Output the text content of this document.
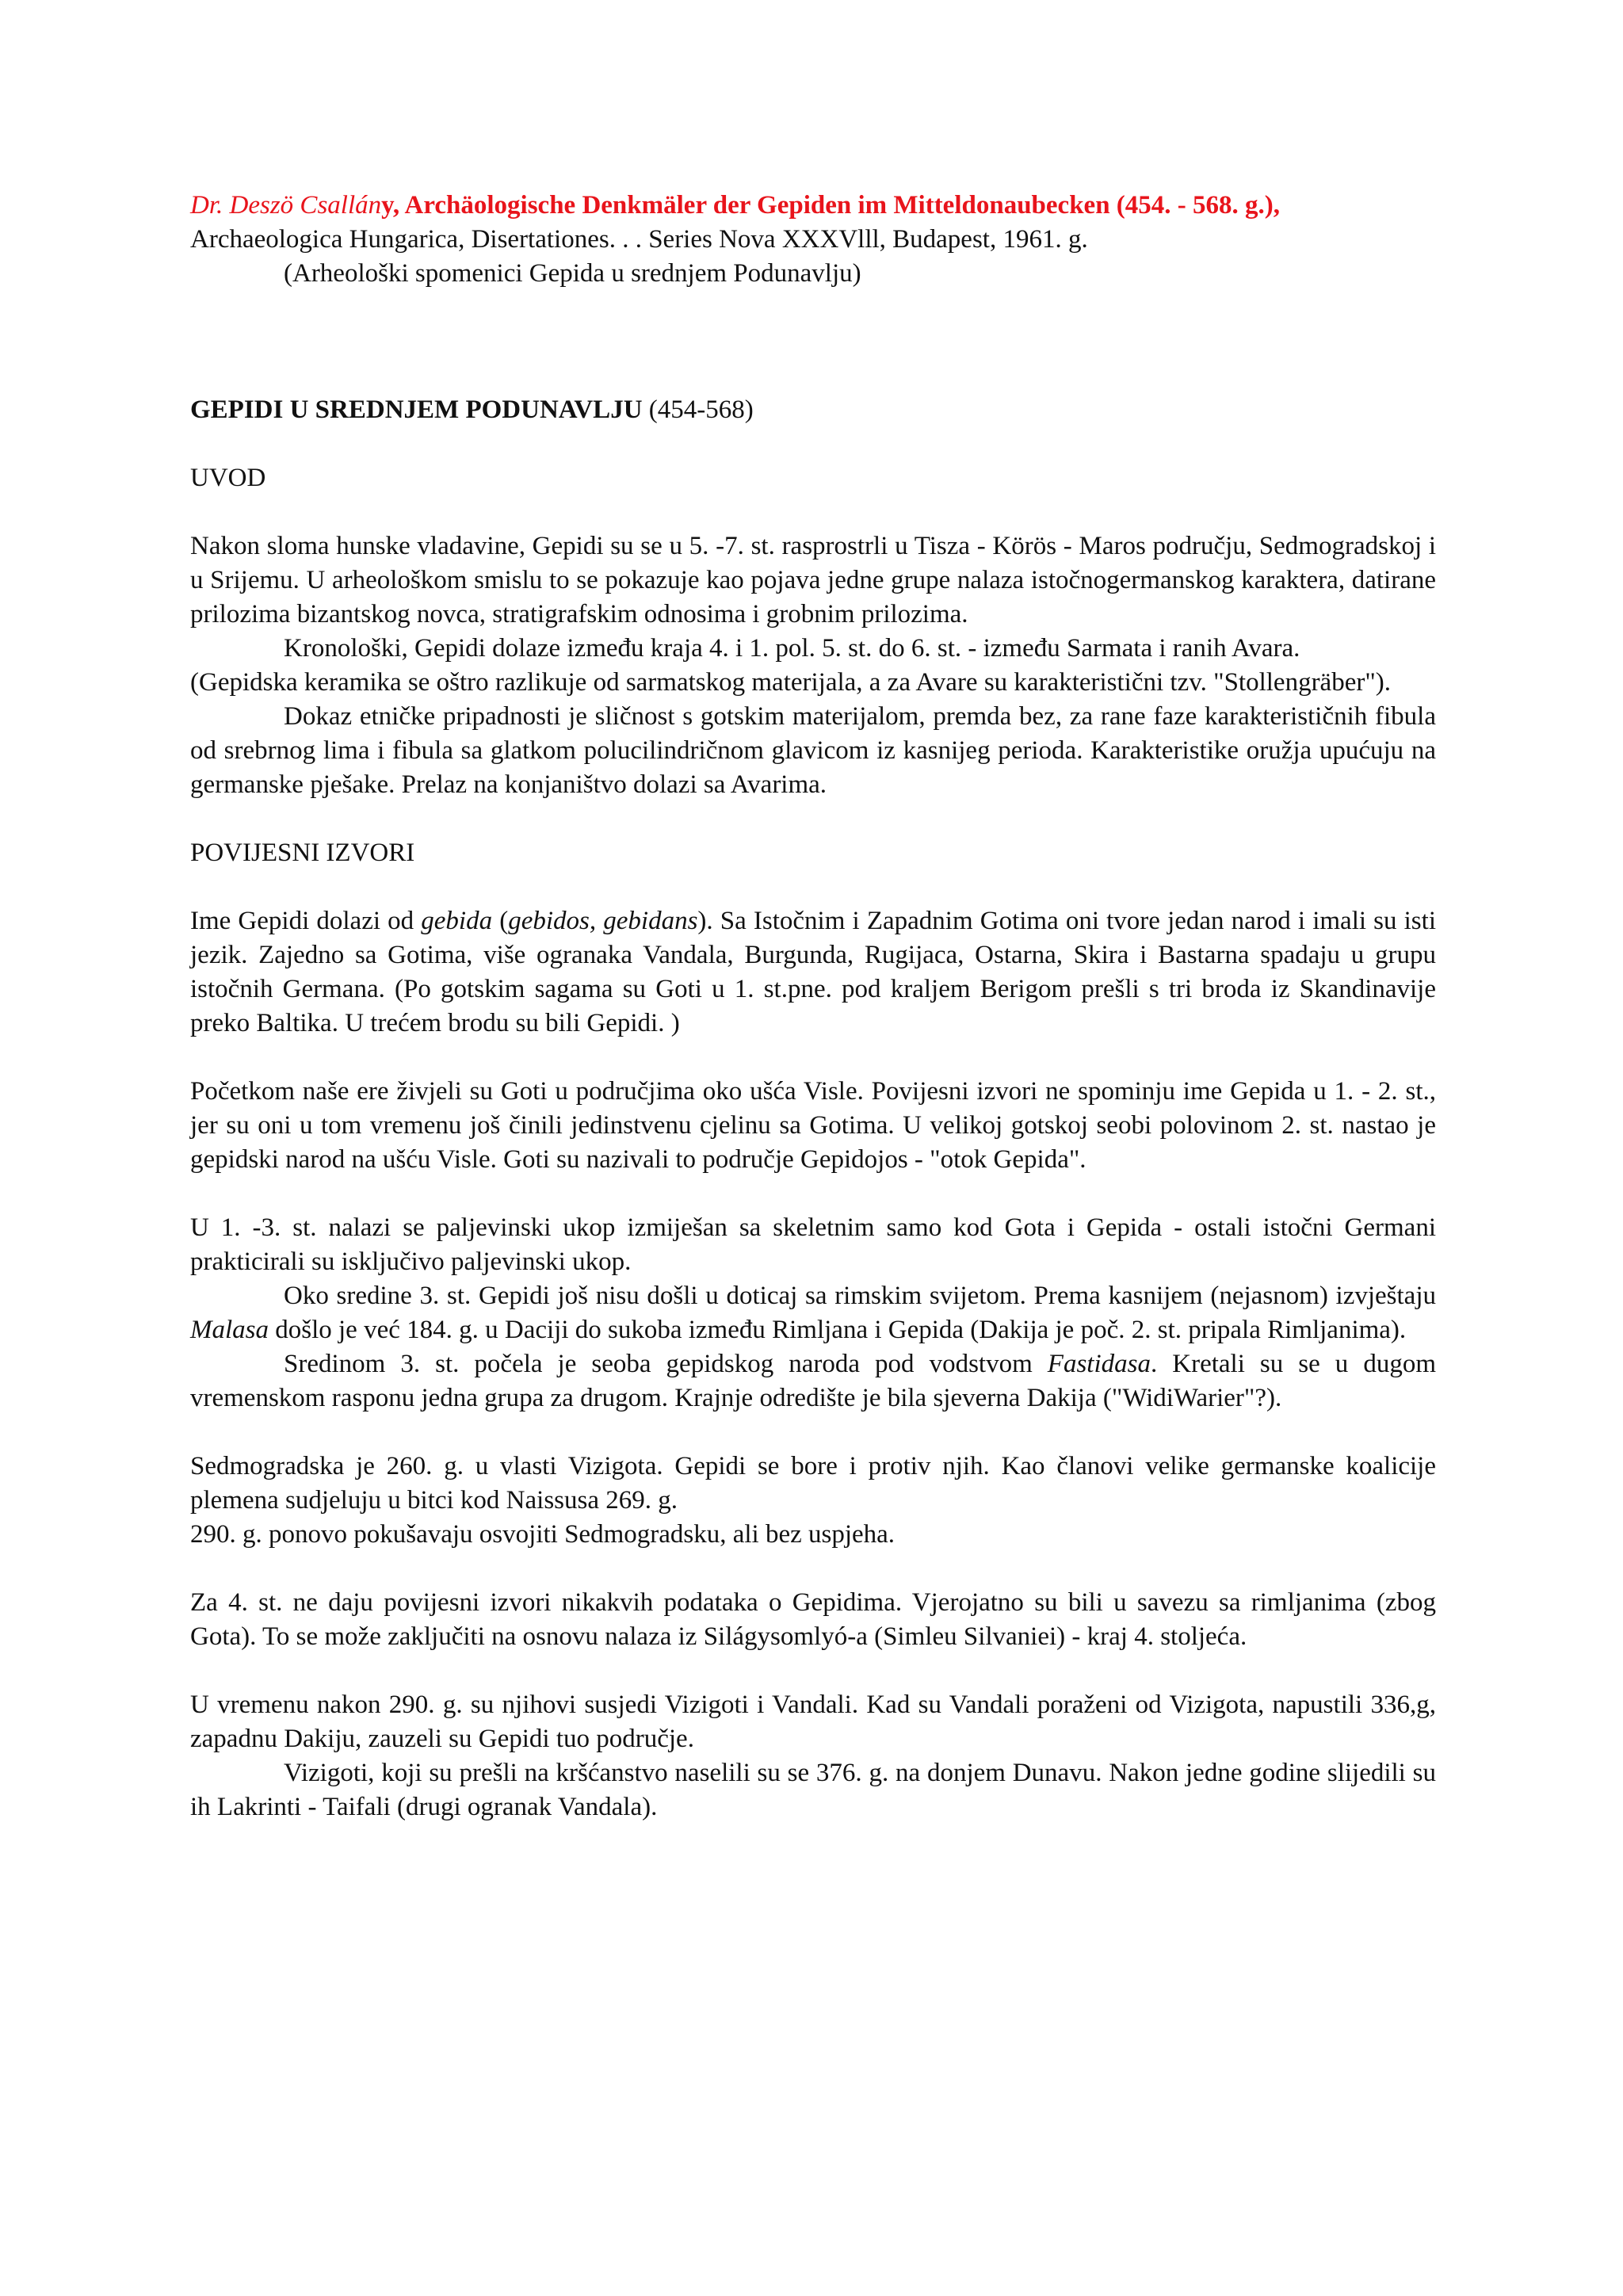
Dr. Deszö Csallány, Archäologische Denkmäler der Gepiden im Mitteldonaubecken (454. - 568. g.),
Archaeologica Hungarica, Disertationes. . . Series Nova XXXVlll, Budapest, 1961. g.
(Arheološki spomenici Gepida u srednjem Podunavlju)

GEPIDI U SREDNJEM PODUNAVLJU (454-568)

UVOD

Nakon sloma hunske vladavine, Gepidi su se u 5. -7. st. rasprostrli u Tisza - Körös - Maros području, Sedmogradskoj i u Srijemu. U arheološkom smislu to se pokazuje kao pojava jedne grupe nalaza istočnogermanskog karaktera, datirane prilozima bizantskog novca, stratigrafskim odnosima i grobnim prilozima.

Kronološki, Gepidi dolaze između kraja 4. i 1. pol. 5. st. do 6. st. - između Sarmata i ranih Avara.

(Gepidska keramika se oštro razlikuje od sarmatskog materijala, a za Avare su karakteristični tzv. "Stollengräber").

Dokaz etničke pripadnosti je sličnost s gotskim materijalom, premda bez, za rane faze karakterističnih fibula od srebrnog lima i fibula sa glatkom polucilindričnom glavicom iz kasnijeg perioda. Karakteristike oružja upućuju na germanske pješake. Prelaz na konjaništvo dolazi sa Avarima.

POVIJESNI IZVORI

Ime Gepidi dolazi od gebida (gebidos, gebidans). Sa Istočnim i Zapadnim Gotima oni tvore jedan narod i imali su isti jezik. Zajedno sa Gotima, više ogranaka Vandala, Burgunda, Rugijaca, Ostarna, Skira i Bastarna spadaju u grupu istočnih Germana. (Po gotskim sagama su Goti u 1. st.pne. pod kraljem Berigom prešli s tri broda iz Skandinavije preko Baltika. U trećem brodu su bili Gepidi. )

Početkom naše ere živjeli su Goti u područjima oko ušća Visle. Povijesni izvori ne spominju ime Gepida u 1. - 2. st., jer su oni u tom vremenu još činili jedinstvenu cjelinu sa Gotima. U velikoj gotskoj seobi polovinom 2. st. nastao je gepidski narod na ušću Visle. Goti su nazivali to područje Gepidojos - "otok Gepida".

U 1. -3. st. nalazi se paljevinski ukop izmiješan sa skeletnim samo kod Gota i Gepida - ostali istočni Germani prakticirali su isključivo paljevinski ukop.

Oko sredine 3. st. Gepidi još nisu došli u doticaj sa rimskim svijetom. Prema kasnijem (nejasnom) izvještaju Malasa došlo je već 184. g. u Daciji do sukoba između Rimljana i Gepida (Dakija je poč. 2. st. pripala Rimljanima).

Sredinom 3. st. počela je seoba gepidskog naroda pod vodstvom Fastidasa. Kretali su se u dugom vremenskom rasponu jedna grupa za drugom. Krajnje odredište je bila sjeverna Dakija ("WidiWarier"?).

Sedmogradska je 260. g. u vlasti Vizigota. Gepidi se bore i protiv njih. Kao članovi velike germanske koalicije plemena sudjeluju u bitci kod Naissusa 269. g.

290. g. ponovo pokušavaju osvojiti Sedmogradsku, ali bez uspjeha.

Za 4. st. ne daju povijesni izvori nikakvih podataka o Gepidima. Vjerojatno su bili u savezu sa rimljanima (zbog Gota). To se može zaključiti na osnovu nalaza iz Silágysomlyó-a (Simleu Silvaniei) - kraj 4. stoljeća.

U vremenu nakon 290. g. su njihovi susjedi Vizigoti i Vandali. Kad su Vandali poraženi od Vizigota, napustili 336,g, zapadnu Dakiju, zauzeli su Gepidi tuo područje.

Vizigoti, koji su prešli na kršćanstvo naselili su se 376. g. na donjem Dunavu. Nakon jedne godine slijedili su ih Lakrinti - Taifali (drugi ogranak Vandala).
